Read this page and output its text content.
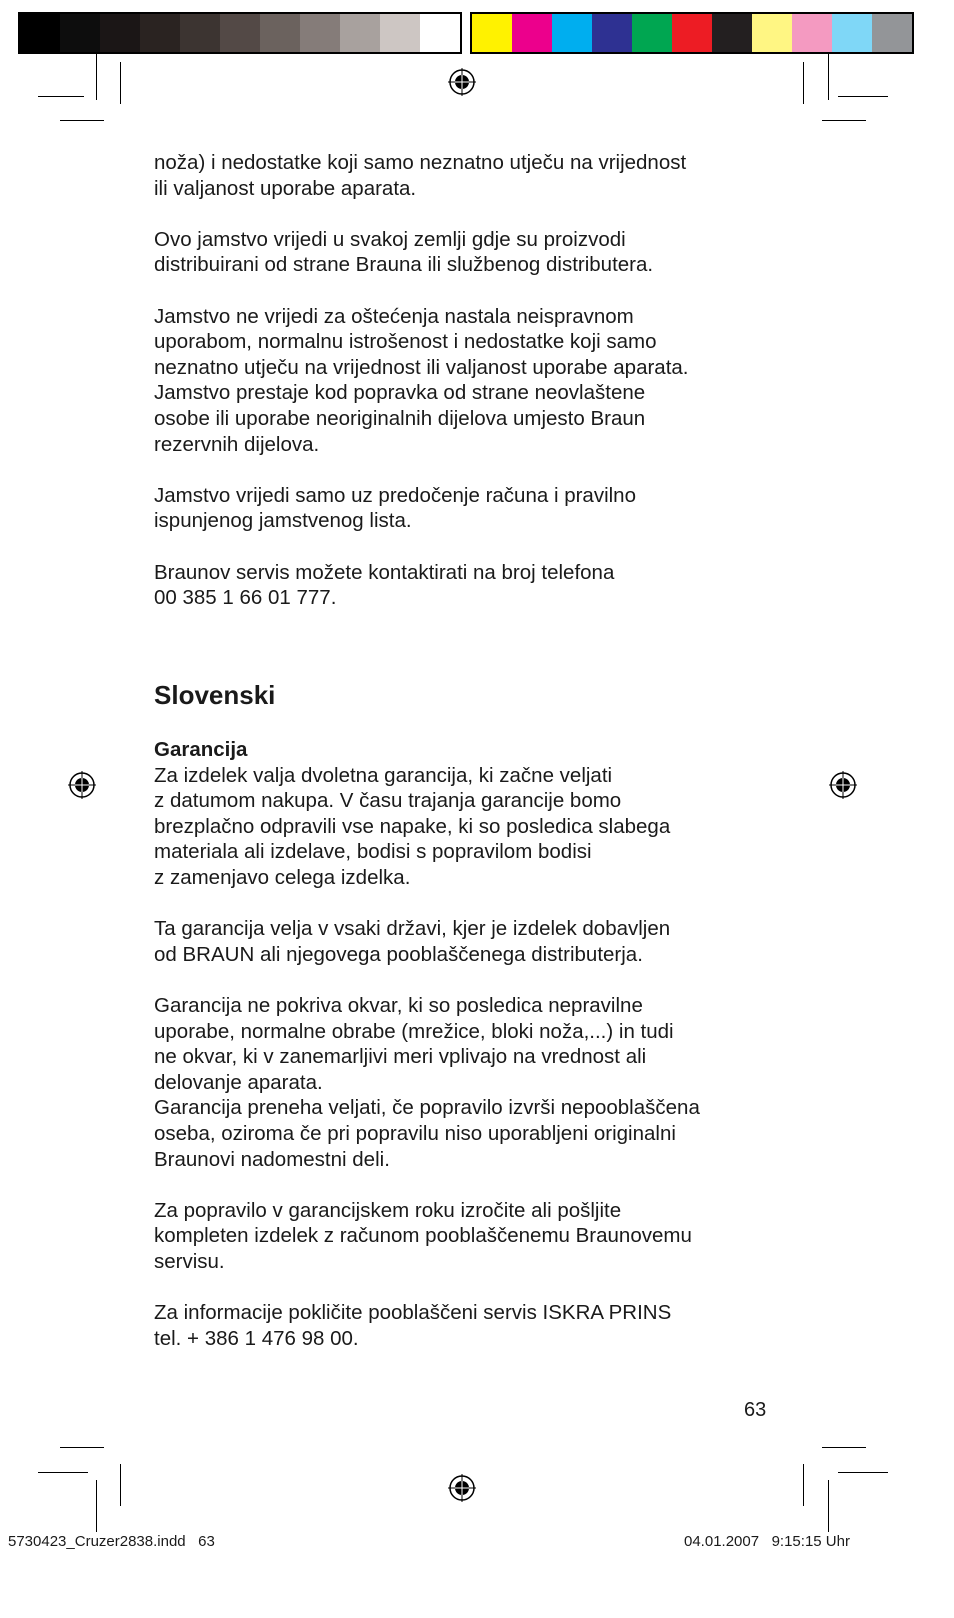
noža) i nedostatke koji samo neznatno utječu na vrijednost
ili valjanost uporabe aparata.

Ovo jamstvo vrijedi u svakoj zemlji gdje su proizvodi
distribuirani od strane Brauna ili službenog distributera.

Jamstvo ne vrijedi za oštećenja nastala neispravnom
uporabom, normalnu istrošenost i nedostatke koji samo
neznatno utječu na vrijednost ili valjanost uporabe aparata.
Jamstvo prestaje kod popravka od strane neovlaštene
osobe ili uporabe neoriginalnih dijelova umjesto Braun
rezervnih dijelova.

Jamstvo vrijedi samo uz predočenje računa i pravilno
ispunjenog jamstvenog lista.

Braunov servis možete kontaktirati na broj telefona
00 385 1 66 01 777.

Slovenski
Garancija

Za izdelek valja dvoletna garancija, ki začne veljati
z datumom nakupa. V času trajanja garancije bomo
brezplačno odpravili vse napake, ki so posledica slabega
materiala ali izdelave, bodisi s popravilom bodisi
z zamenjavo celega izdelka.

Ta garancija velja v vsaki državi, kjer je izdelek dobavljen
od BRAUN ali njegovega pooblaščenega distributerja.

Garancija ne pokriva okvar, ki so posledica nepravilne
uporabe, normalne obrabe (mrežice, bloki noža,...) in tudi
ne okvar, ki v zanemarljivi meri vplivajo na vrednost ali
delovanje aparata.
Garancija preneha veljati, če popravilo izvrši nepooblaščena
oseba, oziroma če pri popravilu niso uporabljeni originalni
Braunovi nadomestni deli.

Za popravilo v garancijskem roku izročite ali pošljite
kompleten izdelek z računom pooblaščenemu Braunovemu
servisu.

Za informacije pokličite pooblaščeni servis ISKRA PRINS
tel. + 386 1 476 98 00.

63
5730423_Cruzer2838.indd   63	04.01.2007   9:15:15 Uhr
